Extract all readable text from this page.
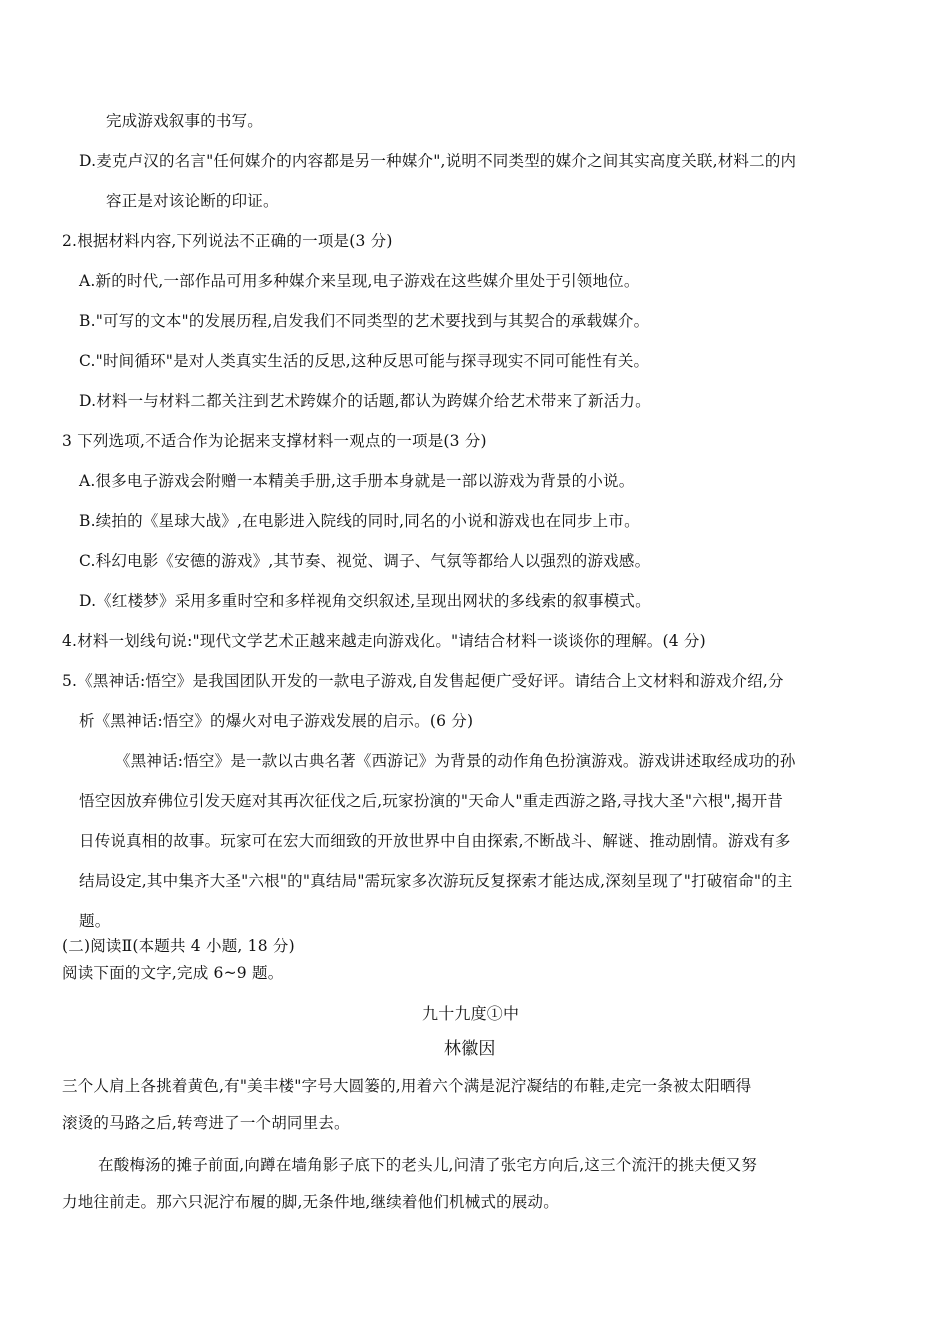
完成游戏叙事的书写。
D.麦克卢汉的名言"任何媒介的内容都是另一种媒介",说明不同类型的媒介之间其实高度关联,材料二的内
容正是对该论断的印证。
2.根据材料内容,下列说法不正确的一项是(3 分)
A.新的时代,一部作品可用多种媒介来呈现,电子游戏在这些媒介里处于引领地位。
B."可写的文本"的发展历程,启发我们不同类型的艺术要找到与其契合的承载媒介。
C."时间循环"是对人类真实生活的反思,这种反思可能与探寻现实不同可能性有关。
D.材料一与材料二都关注到艺术跨媒介的话题,都认为跨媒介给艺术带来了新活力。
3 下列选项,不适合作为论据来支撑材料一观点的一项是(3 分)
A.很多电子游戏会附赠一本精美手册,这手册本身就是一部以游戏为背景的小说。
B.续拍的《星球大战》,在电影进入院线的同时,同名的小说和游戏也在同步上市。
C.科幻电影《安德的游戏》,其节奏、视觉、调子、气氛等都给人以强烈的游戏感。
D.《红楼梦》采用多重时空和多样视角交织叙述,呈现出网状的多线索的叙事模式。
4.材料一划线句说:"现代文学艺术正越来越走向游戏化。"请结合材料一谈谈你的理解。(4 分)
5.《黑神话:悟空》是我国团队开发的一款电子游戏,自发售起便广受好评。请结合上文材料和游戏介绍,分
析《黑神话:悟空》的爆火对电子游戏发展的启示。(6 分)
《黑神话:悟空》是一款以古典名著《西游记》为背景的动作角色扮演游戏。游戏讲述取经成功的孙
悟空因放弃佛位引发天庭对其再次征伐之后,玩家扮演的"天命人"重走西游之路,寻找大圣"六根",揭开昔
日传说真相的故事。玩家可在宏大而细致的开放世界中自由探索,不断战斗、解谜、推动剧情。游戏有多
结局设定,其中集齐大圣"六根"的"真结局"需玩家多次游玩反复探索才能达成,深刻呈现了"打破宿命"的主
题。
(二)阅读Ⅱ(本题共 4 小题, 18 分)
阅读下面的文字,完成 6~9 题。
九十九度①中
林徽因
三个人肩上各挑着黄色,有"美丰楼"字号大圆篓的,用着六个满是泥泞凝结的布鞋,走完一条被太阳晒得
滚烫的马路之后,转弯进了一个胡同里去。
在酸梅汤的摊子前面,向蹲在墙角影子底下的老头儿,问清了张宅方向后,这三个流汗的挑夫便又努
力地往前走。那六只泥泞布履的脚,无条件地,继续着他们机械式的展动。
